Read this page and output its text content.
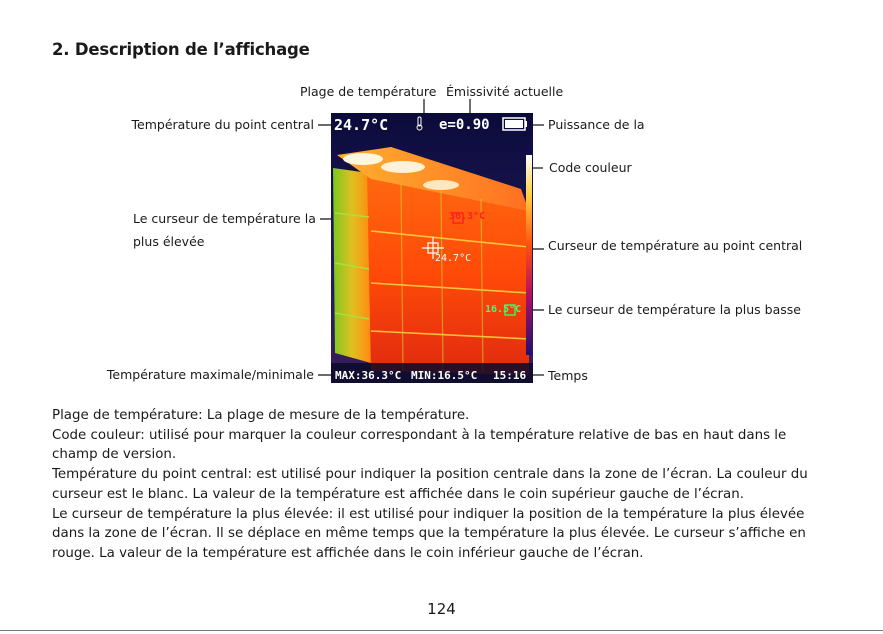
2. Description de l’affichage
Plage de température Émissivité actuelle
Température du point central	Puissance de la
Code couleur
Le curseur de température la
plus élevée	Curseur de température au point central
Le curseur de température la plus basse
Température maximale/minimale	Temps
24.7°C	e=0.90
36.3°C
24.7°C
16.5°C
MAX:36.3°C MIN:16.5°C 15:16

Plage de température: La plage de mesure de la température.

Code couleur: utilisé pour marquer la couleur correspondant à la température relative de bas en haut dans le champ de version.

Température du point central: est utilisé pour indiquer la position centrale dans la zone de l’écran. La couleur du curseur est le blanc. La valeur de la température est affichée dans le coin supérieur gauche de l’écran.

Le curseur de température la plus élevée: il est utilisé pour indiquer la position de la température la plus élevée dans la zone de l’écran. Il se déplace en même temps que la température la plus élevée. Le curseur s’affiche en rouge. La valeur de la température est affichée dans le coin inférieur gauche de l’écran.

124
